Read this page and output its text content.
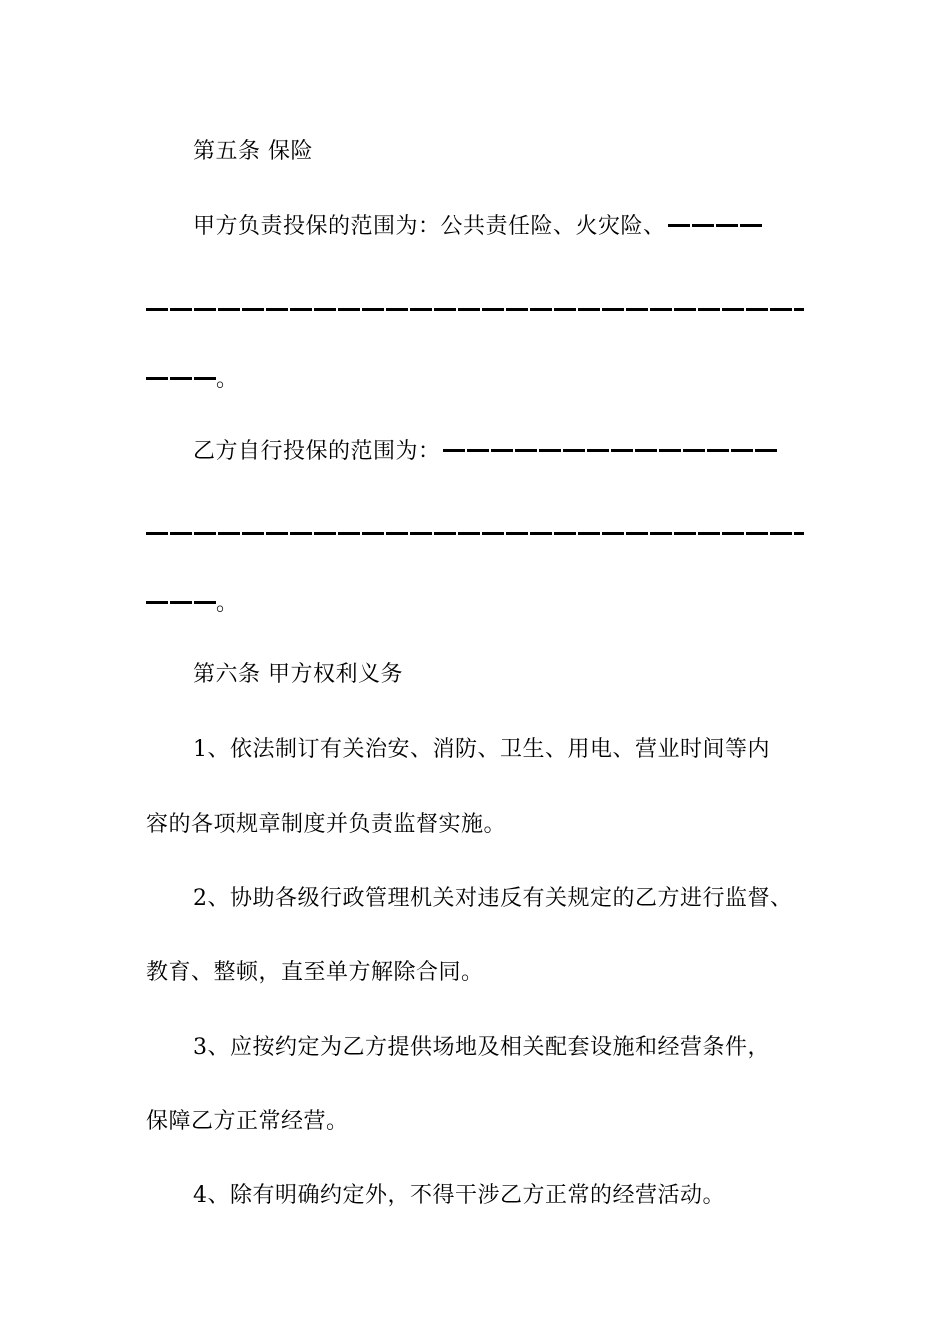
第五条 保险
甲方负责投保的范围为：公共责任险、火灾险、
。
乙方自行投保的范围为：
。
第六条 甲方权利义务
1、依法制订有关治安、消防、卫生、用电、营业时间等内
容的各项规章制度并负责监督实施。
2、协助各级行政管理机关对违反有关规定的乙方进行监督、
教育、整顿，直至单方解除合同。
3、应按约定为乙方提供场地及相关配套设施和经营条件，
保障乙方正常经营。
4、除有明确约定外，不得干涉乙方正常的经营活动。
